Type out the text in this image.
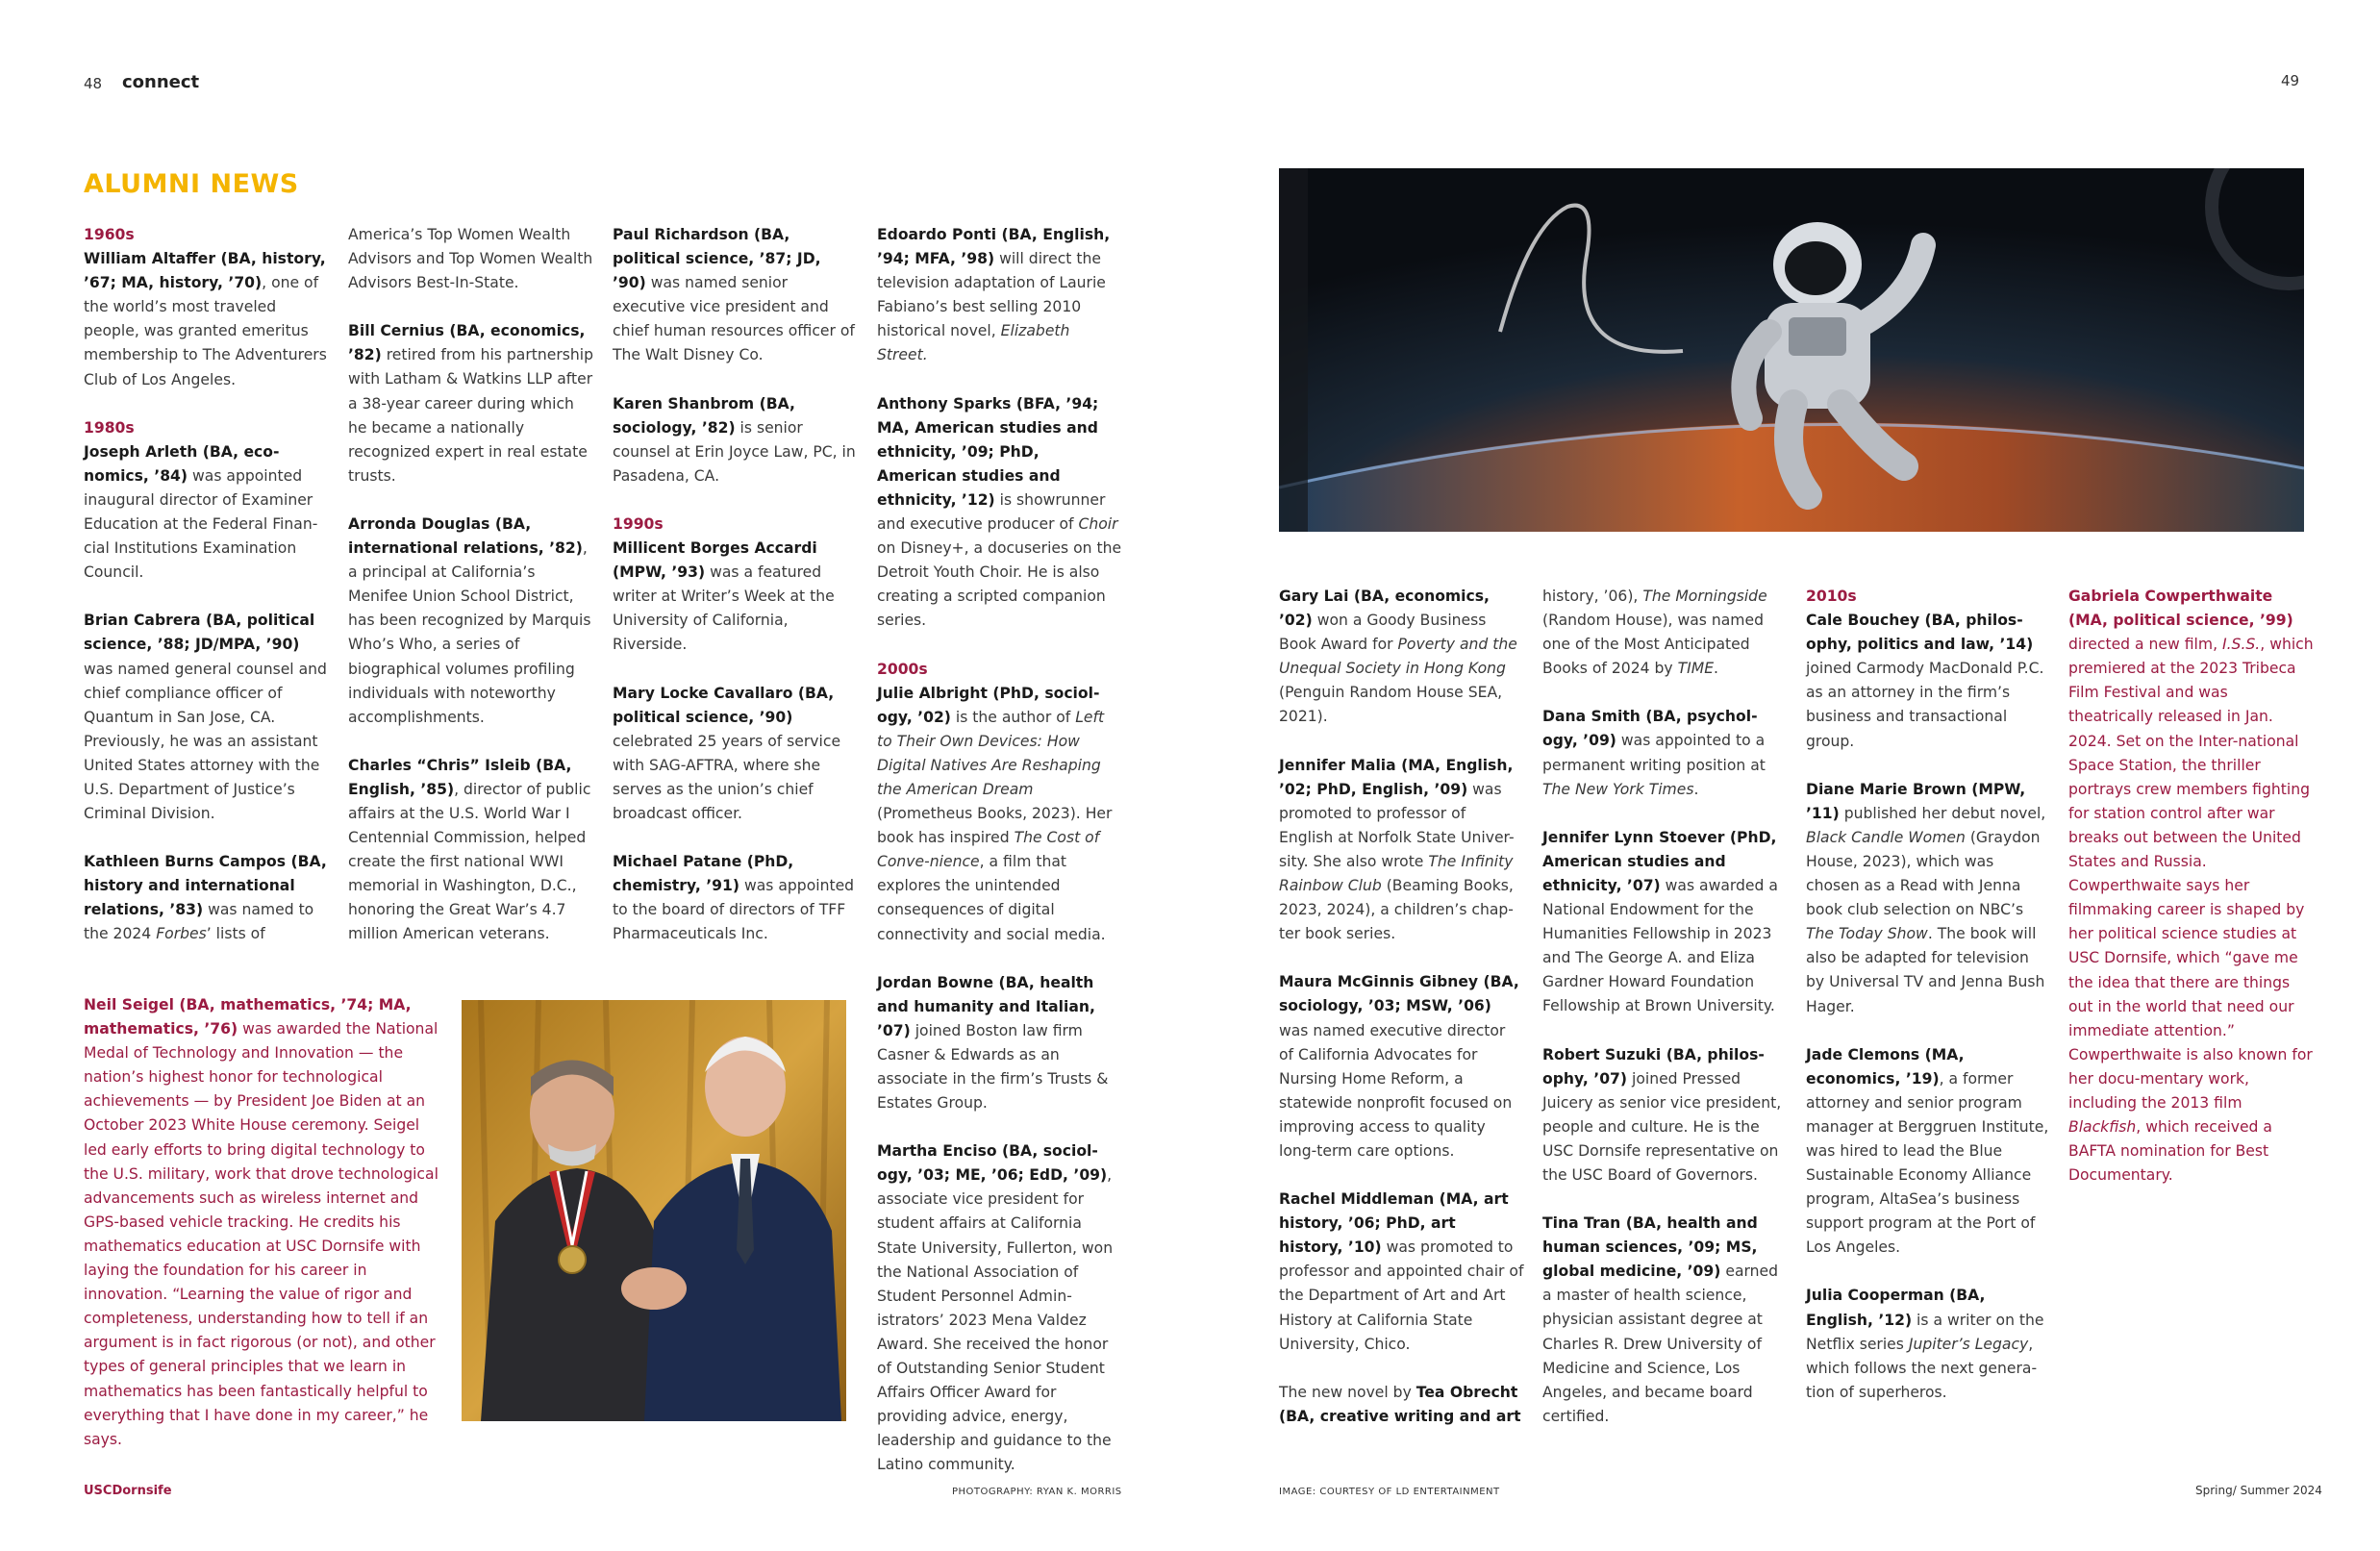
48 connect	49
ALUMNI NEWS

1960s
William Altaffer (BA, history, ’67; MA, history, ’70), one of the world’s most traveled people, was granted emeritus membership to The Adventurers Club of Los Angeles.

1980s
Joseph Arleth (BA, eco-nomics, ’84) was appointed inaugural director of Examiner Education at the Federal Finan-cial Institutions Examination Council.

Brian Cabrera (BA, political science, ’88; JD/MPA, ’90) was named general counsel and chief compliance officer of Quantum in San Jose, CA. Previously, he was an assistant United States attorney with the U.S. Department of Justice’s Criminal Division.

Kathleen Burns Campos (BA, history and international relations, ’83) was named to the 2024 Forbes’ lists of

America’s Top Women Wealth Advisors and Top Women Wealth Advisors Best-In-State.

Bill Cernius (BA, economics, ’82) retired from his partnership with Latham & Watkins LLP after a 38-year career during which he became a nationally recognized expert in real estate trusts.

Arronda Douglas (BA, international relations, ’82), a principal at California’s Menifee Union School District, has been recognized by Marquis Who’s Who, a series of biographical volumes profiling individuals with noteworthy accomplishments.

Charles “Chris” Isleib (BA, English, ’85), director of public affairs at the U.S. World War I Centennial Commission, helped create the first national WWI memorial in Washington, D.C., honoring the Great War’s 4.7 million American veterans.

Paul Richardson (BA, political science, ’87; JD, ’90) was named senior executive vice president and chief human resources officer of The Walt Disney Co.

Karen Shanbrom (BA, sociology, ’82) is senior counsel at Erin Joyce Law, PC, in Pasadena, CA.

1990s
Millicent Borges Accardi (MPW, ’93) was a featured writer at Writer’s Week at the University of California, Riverside.

Mary Locke Cavallaro (BA, political science, ’90) celebrated 25 years of service with SAG-AFTRA, where she serves as the union’s chief broadcast officer.

Michael Patane (PhD, chemistry, ’91) was appointed to the board of directors of TFF Pharmaceuticals Inc.

Edoardo Ponti (BA, English, ’94; MFA, ’98) will direct the television adaptation of Laurie Fabiano’s best selling 2010 historical novel, Elizabeth Street.

Anthony Sparks (BFA, ’94; MA, American studies and ethnicity, ’09; PhD, American studies and ethnicity, ’12) is showrunner and executive producer of Choir on Disney+, a docuseries on the Detroit Youth Choir. He is also creating a scripted companion series.

2000s
Julie Albright (PhD, sociol-ogy, ’02) is the author of Left to Their Own Devices: How Digital Natives Are Reshaping the American Dream (Prometheus Books, 2023). Her book has inspired The Cost of Conve-nience, a film that explores the unintended consequences of digital connectivity and social media.

Jordan Bowne (BA, health and humanity and Italian, ’07) joined Boston law firm Casner & Edwards as an associate in the firm’s Trusts & Estates Group.

Martha Enciso (BA, sociol-ogy, ’03; ME, ’06; EdD, ’09), associate vice president for student affairs at California State University, Fullerton, won the National Association of Student Personnel Admin-istrators’ 2023 Mena Valdez Award. She received the honor of Outstanding Senior Student Affairs Officer Award for providing advice, energy, leadership and guidance to the Latino community.

Neil Seigel (BA, mathematics, ’74; MA, mathematics, ’76) was awarded the National Medal of Technology and Innovation — the nation’s highest honor for technological achievements — by President Joe Biden at an October 2023 White House ceremony. Seigel led early efforts to bring digital technology to the U.S. military, work that drove technological advancements such as wireless internet and GPS-based vehicle tracking. He credits his mathematics education at USC Dornsife with laying the foundation for his career in innovation. “Learning the value of rigor and completeness, understanding how to tell if an argument is in fact rigorous (or not), and other types of general principles that we learn in mathematics has been fantastically helpful to everything that I have done in my career,” he says.

Gary Lai (BA, economics, ’02) won a Goody Business Book Award for Poverty and the Unequal Society in Hong Kong (Penguin Random House SEA, 2021).

Jennifer Malia (MA, English, ’02; PhD, English, ’09) was promoted to professor of English at Norfolk State Univer-sity. She also wrote The Infinity Rainbow Club (Beaming Books, 2023, 2024), a children’s chap-ter book series.

Maura McGinnis Gibney (BA, sociology, ’03; MSW, ’06) was named executive director of California Advocates for Nursing Home Reform, a statewide nonprofit focused on improving access to quality long-term care options.

Rachel Middleman (MA, art history, ’06; PhD, art history, ’10) was promoted to professor and appointed chair of the Department of Art and Art History at California State University, Chico.

The new novel by Tea Obrecht (BA, creative writing and art

history, ’06), The Morningside (Random House), was named one of the Most Anticipated Books of 2024 by TIME.

Dana Smith (BA, psychol-ogy, ’09) was appointed to a permanent writing position at The New York Times.

Jennifer Lynn Stoever (PhD, American studies and ethnicity, ’07) was awarded a National Endowment for the Humanities Fellowship in 2023 and The George A. and Eliza Gardner Howard Foundation Fellowship at Brown University.

Robert Suzuki (BA, philos-ophy, ’07) joined Pressed Juicery as senior vice president, people and culture. He is the USC Dornsife representative on the USC Board of Governors.

Tina Tran (BA, health and human sciences, ’09; MS, global medicine, ’09) earned a master of health science, physician assistant degree at Charles R. Drew University of Medicine and Science, Los Angeles, and became board certified.

2010s
Cale Bouchey (BA, philos-ophy, politics and law, ’14) joined Carmody MacDonald P.C. as an attorney in the firm’s business and transactional group.

Diane Marie Brown (MPW, ’11) published her debut novel, Black Candle Women (Graydon House, 2023), which was chosen as a Read with Jenna book club selection on NBC’s The Today Show. The book will also be adapted for television by Universal TV and Jenna Bush Hager.

Jade Clemons (MA, economics, ’19), a former attorney and senior program manager at Berggruen Institute, was hired to lead the Blue Sustainable Economy Alliance program, AltaSea’s business support program at the Port of Los Angeles.

Julia Cooperman (BA, English, ’12) is a writer on the Netflix series Jupiter’s Legacy, which follows the next genera-tion of superheros.

Gabriela Cowperthwaite (MA, political science, ’99) directed a new film, I.S.S., which premiered at the 2023 Tribeca Film Festival and was theatrically released in Jan. 2024. Set on the Inter-national Space Station, the thriller portrays crew members fighting for station control after war breaks out between the United States and Russia. Cowperthwaite says her filmmaking career is shaped by her political science studies at USC Dornsife, which “gave me the idea that there are things out in the world that need our immediate attention.” Cowperthwaite is also known for her docu-mentary work, including the 2013 film Blackfish, which received a BAFTA nomination for Best Documentary.

USCDornsife	PHOTOGRAPHY: RYAN K. MORRIS	IMAGE: COURTESY OF LD ENTERTAINMENT	Spring/ Summer 2024
